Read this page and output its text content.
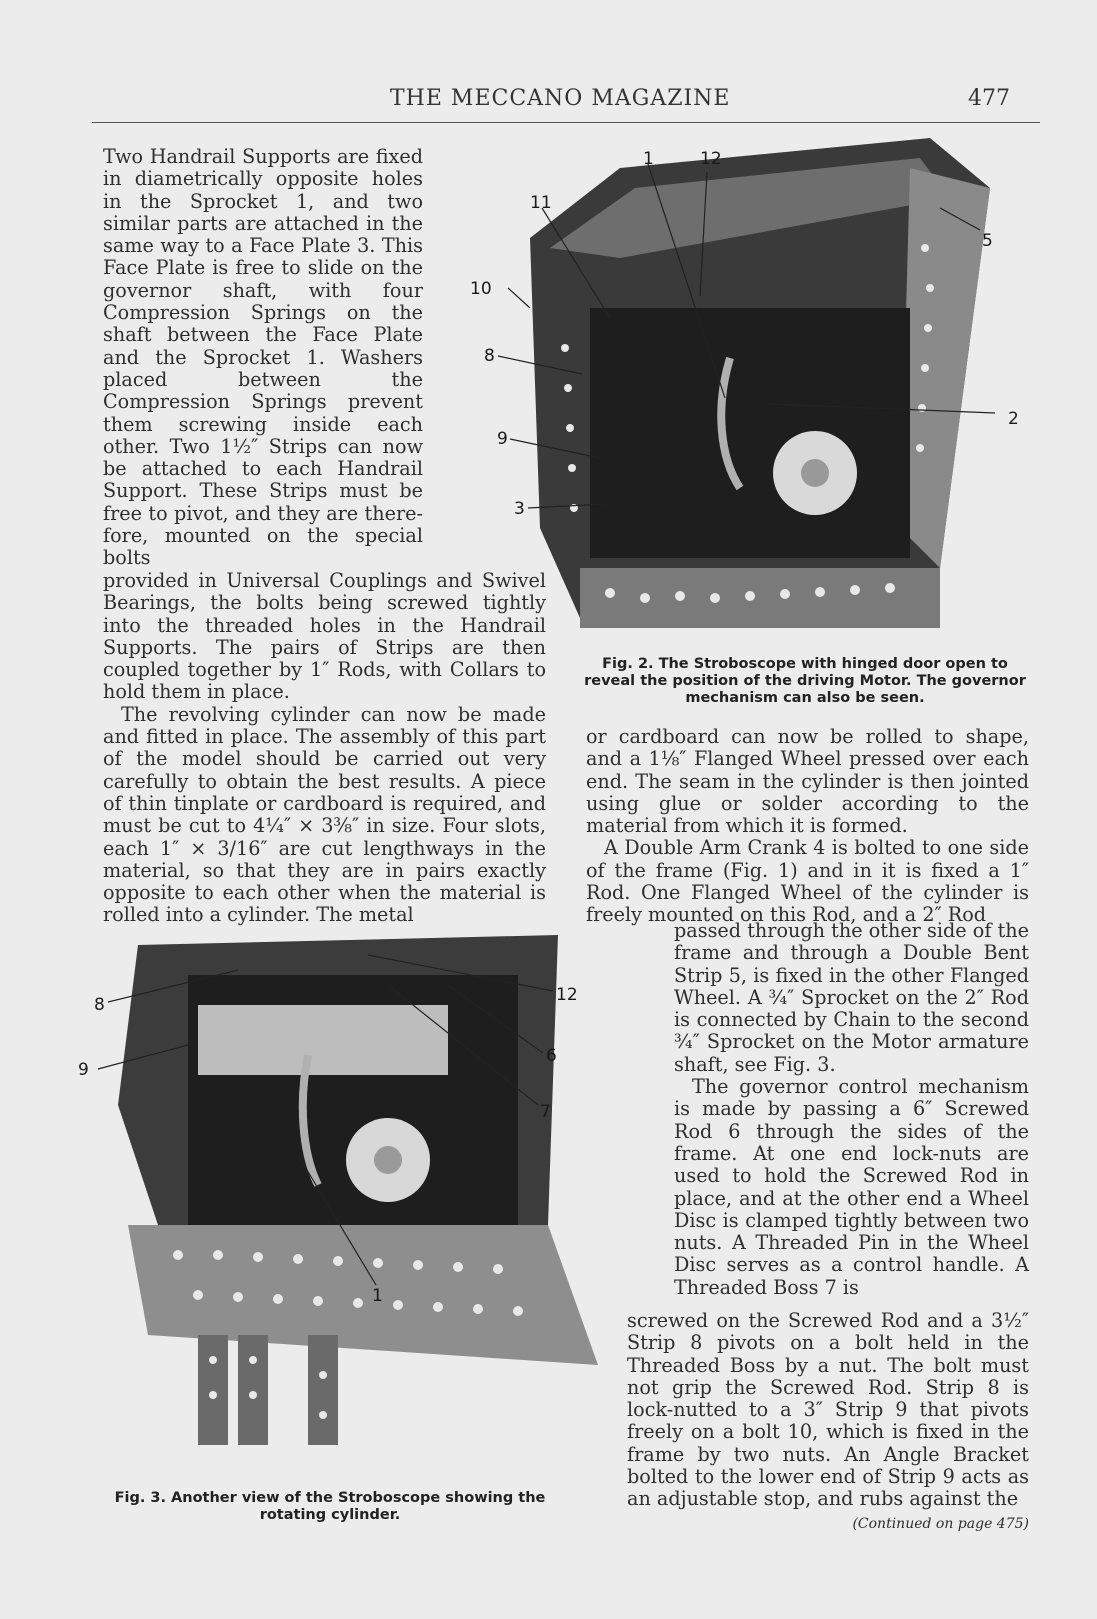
THE MECCANO MAGAZINE	477

Two Handrail Supports are fixed in diametrically opposite holes in the Sprocket 1, and two similar parts are attached in the same way to a Face Plate 3. This Face Plate is free to slide on the governor shaft, with four Compression Springs on the shaft between the Face Plate and the Sprocket 1. Washers placed between the Compression Springs prevent them screwing inside each other. Two 1½″ Strips can now be attached to each Handrail Support. These Strips must be free to pivot, and they are there-fore, mounted on the special bolts

provided in Universal Couplings and Swivel Bearings, the bolts being screwed tightly into the threaded holes in the Handrail Supports. The pairs of Strips are then coupled together by 1″ Rods, with Collars to hold them in place.

The revolving cylinder can now be made and fitted in place. The assembly of this part of the model should be carried out very carefully to obtain the best results. A piece of thin tinplate or cardboard is required, and must be cut to 4¼″ × 3⅜″ in size. Four slots, each 1″ × 3/16″ are cut lengthways in the material, so that they are in pairs exactly opposite to each other when the material is rolled into a cylinder. The metal

1	12
11
5
10
8
2
9
3
Fig. 2. The Stroboscope with hinged door open to reveal the position of the driving Motor. The governor mechanism can also be seen.

or cardboard can now be rolled to shape, and a 1⅛″ Flanged Wheel pressed over each end. The seam in the cylinder is then jointed using glue or solder according to the material from which it is formed.

A Double Arm Crank 4 is bolted to one side of the frame (Fig. 1) and in it is fixed a 1″ Rod. One Flanged Wheel of the cylinder is freely mounted on this Rod, and a 2″ Rod

passed through the other side of the frame and through a Double Bent Strip 5, is fixed in the other Flanged Wheel. A ¾″ Sprocket on the 2″ Rod is connected by Chain to the second ¾″ Sprocket on the Motor armature shaft, see Fig. 3.

The governor control mechanism is made by passing a 6″ Screwed Rod 6 through the sides of the frame. At one end lock-nuts are used to hold the Screwed Rod in place, and at the other end a Wheel Disc is clamped tightly between two nuts. A Threaded Pin in the Wheel Disc serves as a control handle. A Threaded Boss 7 is

screwed on the Screwed Rod and a 3½″ Strip 8 pivots on a bolt held in the Threaded Boss by a nut. The bolt must not grip the Screwed Rod. Strip 8 is lock-nutted to a 3″ Strip 9 that pivots freely on a bolt 10, which is fixed in the frame by two nuts. An Angle Bracket bolted to the lower end of Strip 9 acts as an adjustable stop, and rubs against the

(Continued on page 475)
8	12
9
6
7
1
Fig. 3. Another view of the Stroboscope showing the rotating cylinder.
